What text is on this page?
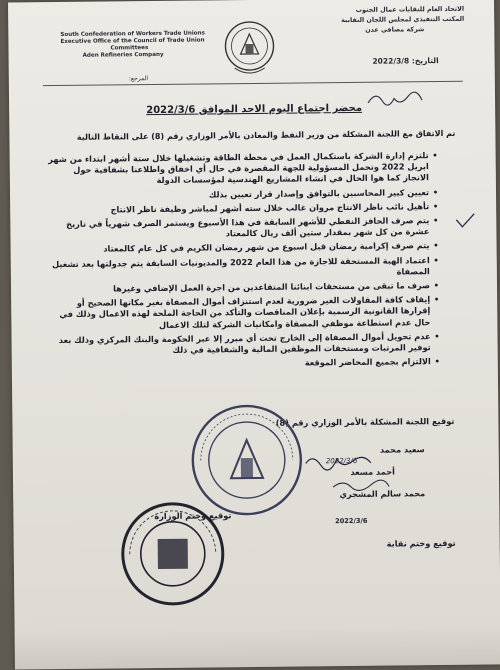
South Confederation of Workers Trade Unions
Executive Office of the Council of Trade Union
Committees
Aden Refineries Company
المرجع:
الاتحاد العام للنقابات عمال الجنوب
المكتب التنفيذي لمجلس اللجان النقابية
شركة مصافي عدن
التاريخ: 2022/3/8
محضر اجتماع اليوم الاحد الموافق 2022/3/6
تم الاتفاق مع اللجنة المشكلة من وزير النفط والمعادن بالأمر الوزاري رقم (8) على النقاط التالية
•
تلتزم إدارة الشركة باستكمال العمل في محطة الطاقة وتشغيلها خلال ستة أشهر ابتداء من شهر ابريل 2022 وتحمل المسؤولية للجهة المقصرة في حال أي اخفاق واطلاعنا بشفافية حول الانجاز كما هوا الحال في انشاء المشاريع الهندسية لمؤسسات الدولة
•
تعيين كبير المحاسبين بالتوافق وإصدار قرار تعيين بذلك
•
تأهيل نائب ناظر الانتاج مروان غالب خلال سته أشهر لمباشر وظيفة ناظر الانتاج
•
يتم صرف الحافز النفطي للأشهر السابقة في هذا الأسبوع ويستمر الصرف شهرياً في تاريخ عشرة من كل شهر بمقدار ستين ألف ريال كالمعتاد
•
يتم صرف إكرامية رمضان قبل اسبوع من شهر رمضان الكريم في كل عام كالمعتاد
•
اعتماد الهبة المستحقة للاجازة من هذا العام 2022 والمديونيات السابقة يتم جدولتها بعد تشغيل المصفاة
•
صرف ما تبقى من مستحقات ابنائنا المتقاعدين من اجرة العمل الإضافي وغيرها
•
إيقاف كافة المقاولات الغير ضرورية لعدم استنزاف أموال المصفاة بغير مكانها الصحيح أو إقرارها القانونية الرسمية بإعلان المناقصات والتأكد من الحاجة الملحة لهذه الاعمال وذلك في حال عدم استطاعة موظفي المصفاة وامكانيات الشركة لتلك الاعمال
•
عدم تحويل أموال المصفاة إلى الخارج تحت أي مبرر إلا عبر الحكومة والبنك المركزي وذلك بعد توفير المرتبات ومستحقات الموظفين المالية والشفافية في ذلك
•
الالتزام بجميع المحاضر الموقعة
توقيع اللجنة المشكلة بالأمر الوزاري رقم (8)
سعيد محمد
أحمد مسعد
محمد سالم المشجري
2022/3/6
توقيع وختم نقابة
2022/3/6
توقيع وختم الوزارة
